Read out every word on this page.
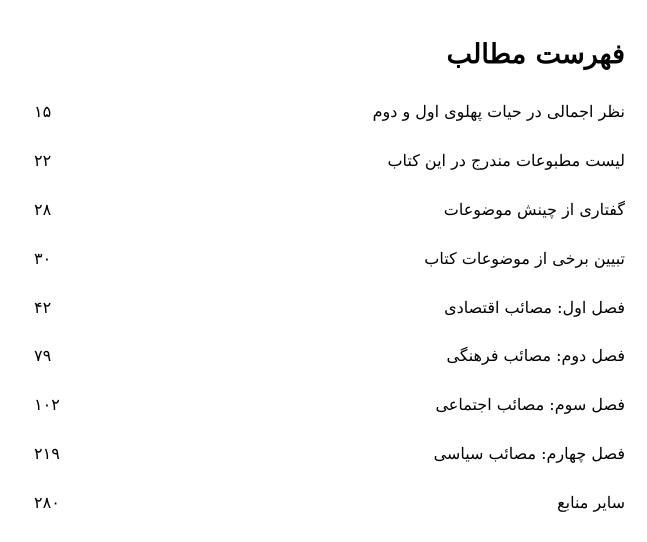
فهرست مطالب
نظر اجمالی در حیات پهلوی اول و دوم
۱۵
لیست مطبوعات مندرج در این کتاب
۲۲
گفتاری از چینش موضوعات
۲۸
تبیین برخی از موضوعات کتاب
۳۰
فصل اول: مصائب اقتصادی
۴۲
فصل دوم: مصائب فرهنگی
۷۹
فصل سوم: مصائب اجتماعی
۱۰۲
فصل چهارم: مصائب سیاسی
۲۱۹
سایر منابع
۲۸۰
